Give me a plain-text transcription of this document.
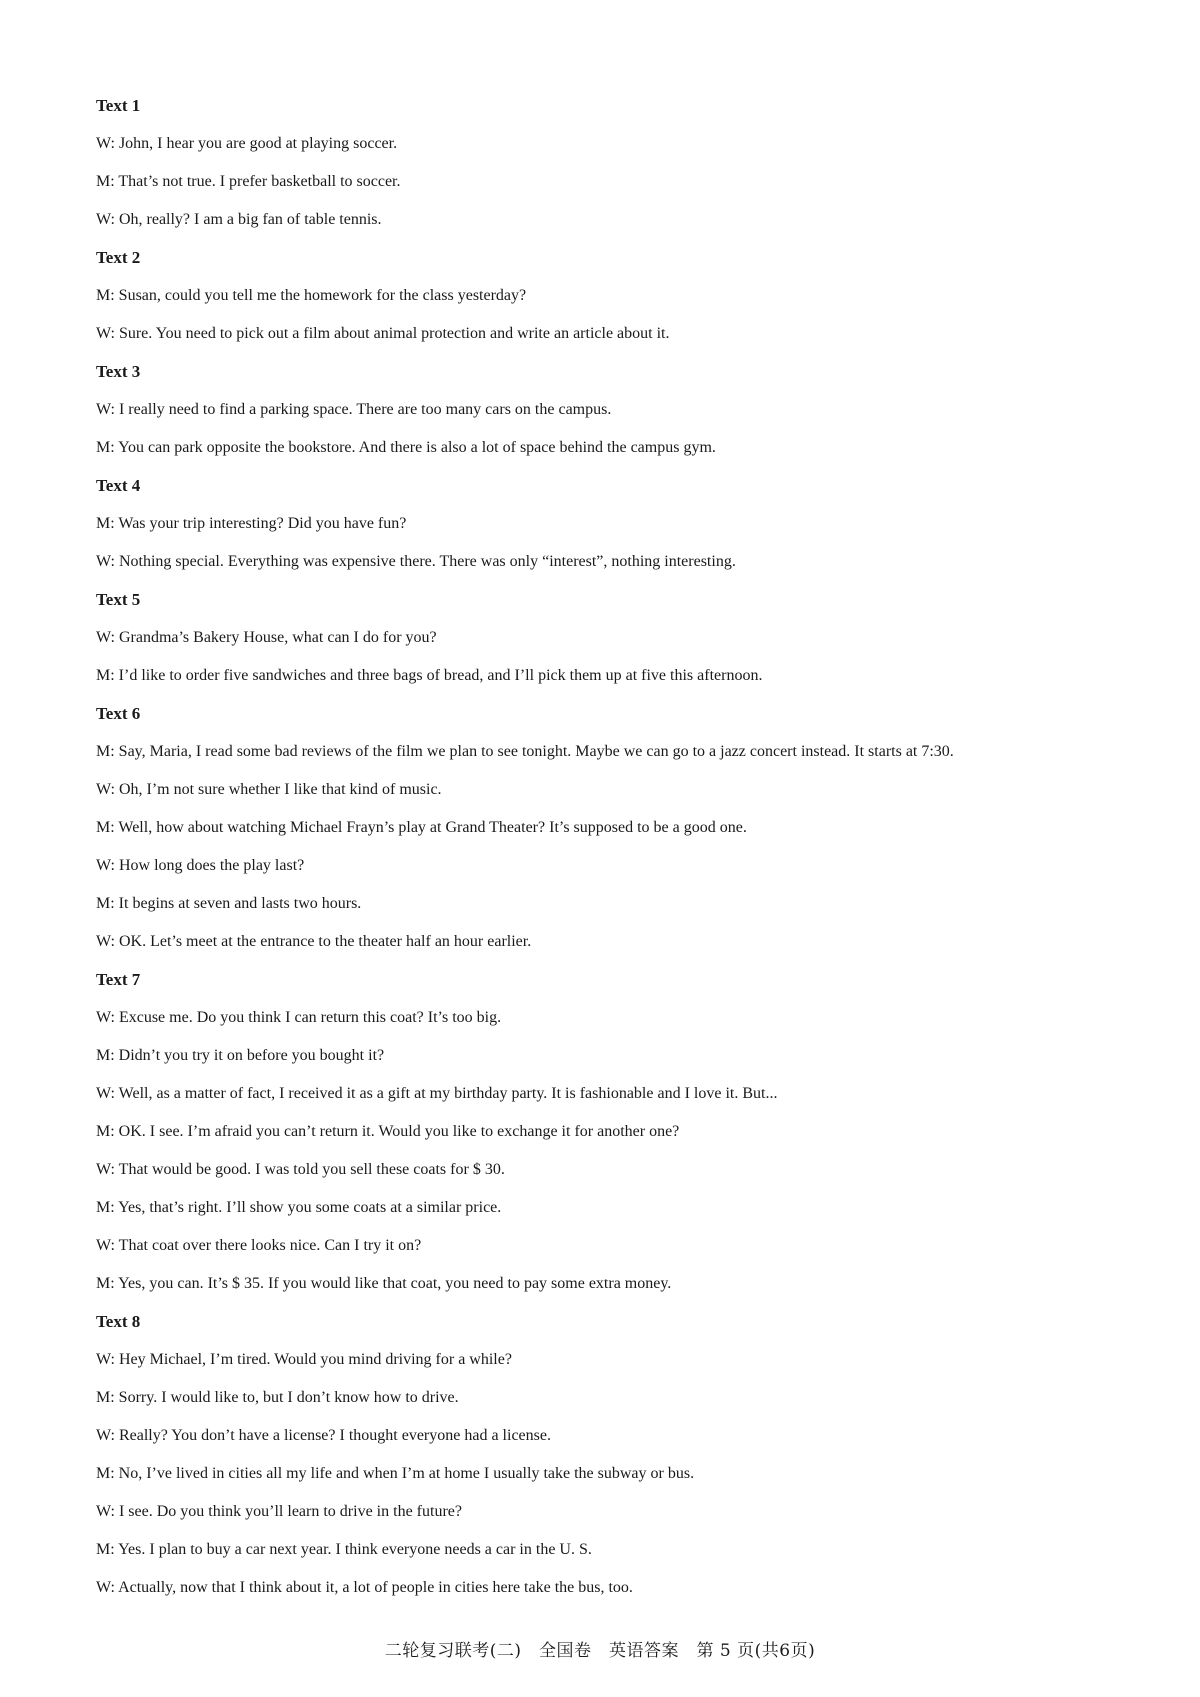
Text 1
W: John, I hear you are good at playing soccer.
M: That’s not true. I prefer basketball to soccer.
W: Oh, really? I am a big fan of table tennis.
Text 2
M: Susan, could you tell me the homework for the class yesterday?
W: Sure. You need to pick out a film about animal protection and write an article about it.
Text 3
W: I really need to find a parking space. There are too many cars on the campus.
M: You can park opposite the bookstore. And there is also a lot of space behind the campus gym.
Text 4
M: Was your trip interesting? Did you have fun?
W: Nothing special. Everything was expensive there. There was only “interest”, nothing interesting.
Text 5
W: Grandma’s Bakery House, what can I do for you?
M: I’d like to order five sandwiches and three bags of bread, and I’ll pick them up at five this afternoon.
Text 6
M: Say, Maria, I read some bad reviews of the film we plan to see tonight. Maybe we can go to a jazz concert instead. It starts at 7:30.
W: Oh, I’m not sure whether I like that kind of music.
M: Well, how about watching Michael Frayn’s play at Grand Theater? It’s supposed to be a good one.
W: How long does the play last?
M: It begins at seven and lasts two hours.
W: OK. Let’s meet at the entrance to the theater half an hour earlier.
Text 7
W: Excuse me. Do you think I can return this coat? It’s too big.
M: Didn’t you try it on before you bought it?
W: Well, as a matter of fact, I received it as a gift at my birthday party. It is fashionable and I love it. But...
M: OK. I see. I’m afraid you can’t return it. Would you like to exchange it for another one?
W: That would be good. I was told you sell these coats for $ 30.
M: Yes, that’s right. I’ll show you some coats at a similar price.
W: That coat over there looks nice. Can I try it on?
M: Yes, you can. It’s $ 35. If you would like that coat, you need to pay some extra money.
Text 8
W: Hey Michael, I’m tired. Would you mind driving for a while?
M: Sorry. I would like to, but I don’t know how to drive.
W: Really? You don’t have a license? I thought everyone had a license.
M: No, I’ve lived in cities all my life and when I’m at home I usually take the subway or bus.
W: I see. Do you think you’ll learn to drive in the future?
M: Yes. I plan to buy a car next year. I think everyone needs a car in the U. S.
W: Actually, now that I think about it, a lot of people in cities here take the bus, too.
二轮复习联考(二)　全国卷　英语答案　第 5 页(共6页)
